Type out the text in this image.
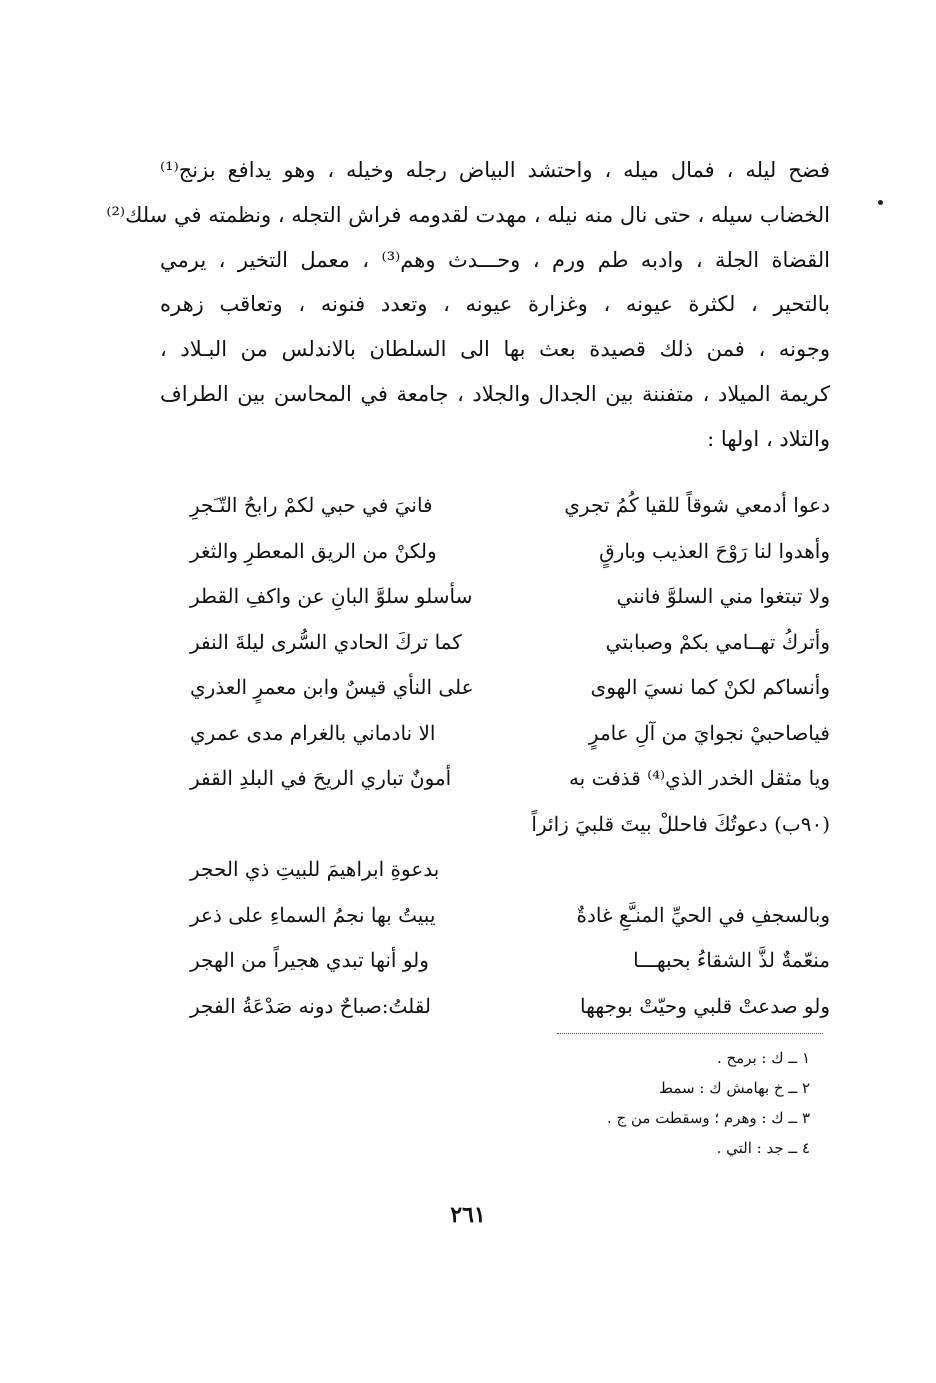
فضح ليله ، فمال ميله ، واحتشد البياض رجله وخيله ، وهو يدافع بزنج⁽¹⁾
الخضاب سيله ، حتى نال منه نيله ، مهدت لقدومه فراش التجله ، ونظمته في سلك⁽²⁾
القضاة الجلة ، وادبه طم ورم ، وحـــدث وهم⁽³⁾ ، معمل التخير ، يرمي
بالتحير ، لكثرة عيونه ، وغزارة عيونه ، وتعدد فنونه ، وتعاقب زهره
وجونه ، فمن ذلك قصيدة بعث بها الى السلطان بالاندلس من البـلاد ،
كريمة الميلاد ، متفننة بين الجدال والجلاد ، جامعة في المحاسن بين الطراف
والتلاد ، اولها :
دعوا أدمعي شوقاً للقيا كُمُ تجري
فانيَ في حبي لكمْ رابحُ التّـَجرِ
وأهدوا لنا رَوْحَ العذيب وبارقٍ
ولكنْ من الريق المعطرِ والثغر
ولا تبتغوا مني السلوَّ فانني
سأسلو سلوَّ البانِ عن واكفِ القطر
وأتركُ تهــامي بكمْ وصبابتي
كما تركَ الحادي السُّرى ليلةَ النفر
وأنساكم لكنْ كما نسيَ الهوى
على النأي قيسٌ وابن معمرٍ العذري
فياصاحبيْ نجوايَ من آلِ عامرٍ
الا نادماني بالغرام مدى عمري
ويا مثقل الخدر الذي⁽⁴⁾ قذفت به
أمونٌ تباري الريحَ في البلدِ القفر
(٩٠ب) دعوتُكَ فاحللْ بيتَ قلبيَ زائراً
بدعوةِ ابراهيمَ للبيتِ ذي الحجر
وبالسجفِ في الحيِّ المنـَّعِ غادةٌ
يبيتُ بها نجمُ السماءِ على ذعر
منعّمةٌ لذَّ الشقاءُ بحبهـــا
ولو أنها تبدي هجيراً من الهجر
ولو صدعتْ قلبي وحيّتْ بوجهها
لقلتُ:صباحٌ دونه صَدْعَةُ الفجر
١ ــ ك : برمح .
٢ ــ خ بهامش ك : سمط
٣ ــ ك : وهرم ؛ وسقطت من ج .
٤ ــ جد : التي .
٢٦١
